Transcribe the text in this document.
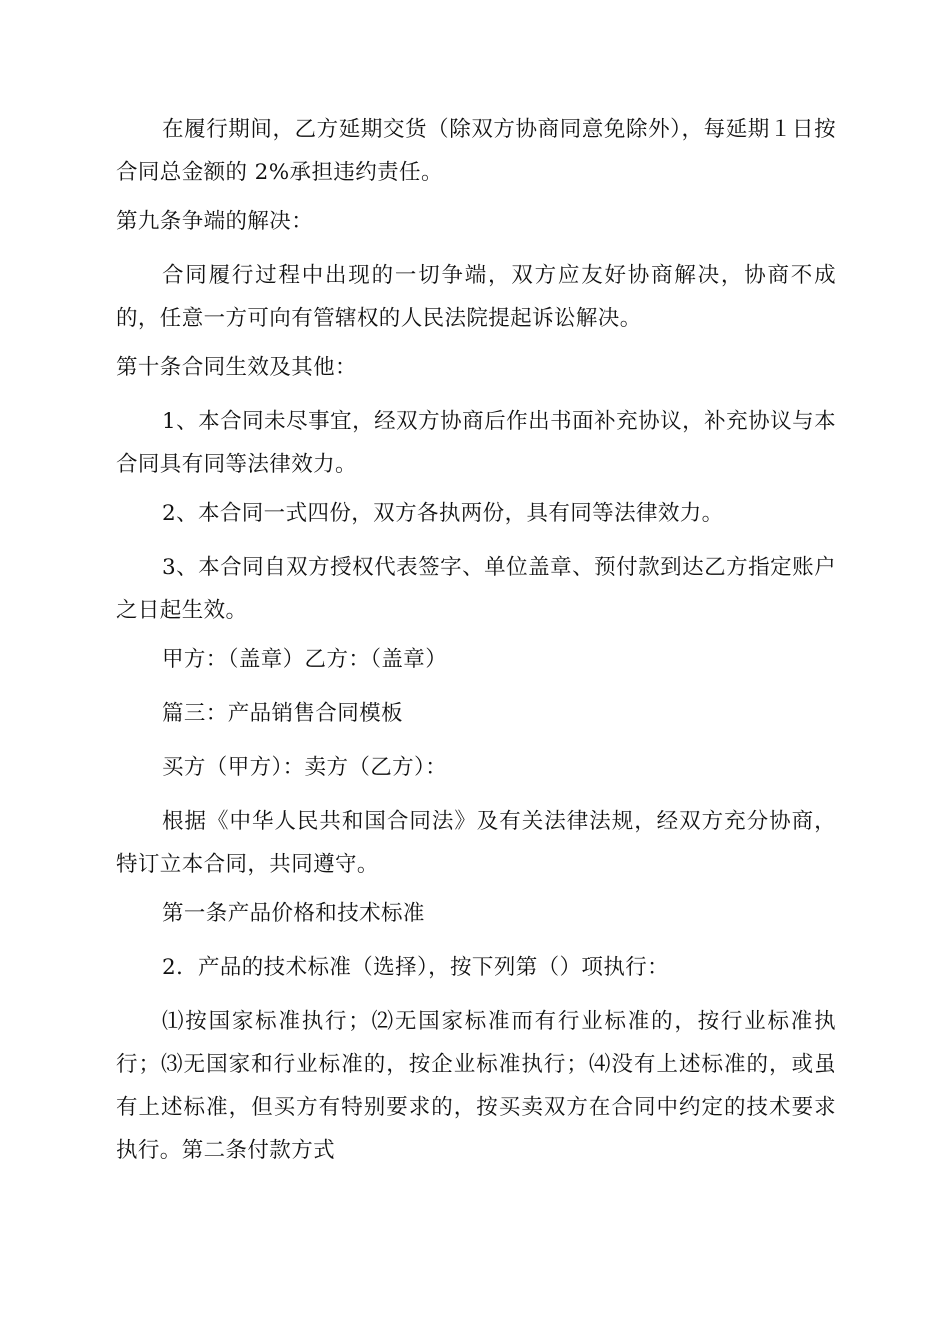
在履行期间，乙方延期交货（除双方协商同意免除外），每延期１日按合同总金额的 2%承担违约责任。

第九条争端的解决：

合同履行过程中出现的一切争端，双方应友好协商解决，协商不成的，任意一方可向有管辖权的人民法院提起诉讼解决。

第十条合同生效及其他：

1、本合同未尽事宜，经双方协商后作出书面补充协议，补充协议与本合同具有同等法律效力。

2、本合同一式四份，双方各执两份，具有同等法律效力。

3、本合同自双方授权代表签字、单位盖章、预付款到达乙方指定账户之日起生效。

甲方：（盖章）乙方：（盖章）

篇三：产品销售合同模板

买方（甲方）：卖方（乙方）：

根据《中华人民共和国合同法》及有关法律法规，经双方充分协商，特订立本合同，共同遵守。

第一条产品价格和技术标准

2．产品的技术标准（选择），按下列第（）项执行：

⑴按国家标准执行；⑵无国家标准而有行业标准的，按行业标准执行；⑶无国家和行业标准的，按企业标准执行；⑷没有上述标准的，或虽有上述标准，但买方有特别要求的，按买卖双方在合同中约定的技术要求执行。第二条付款方式
